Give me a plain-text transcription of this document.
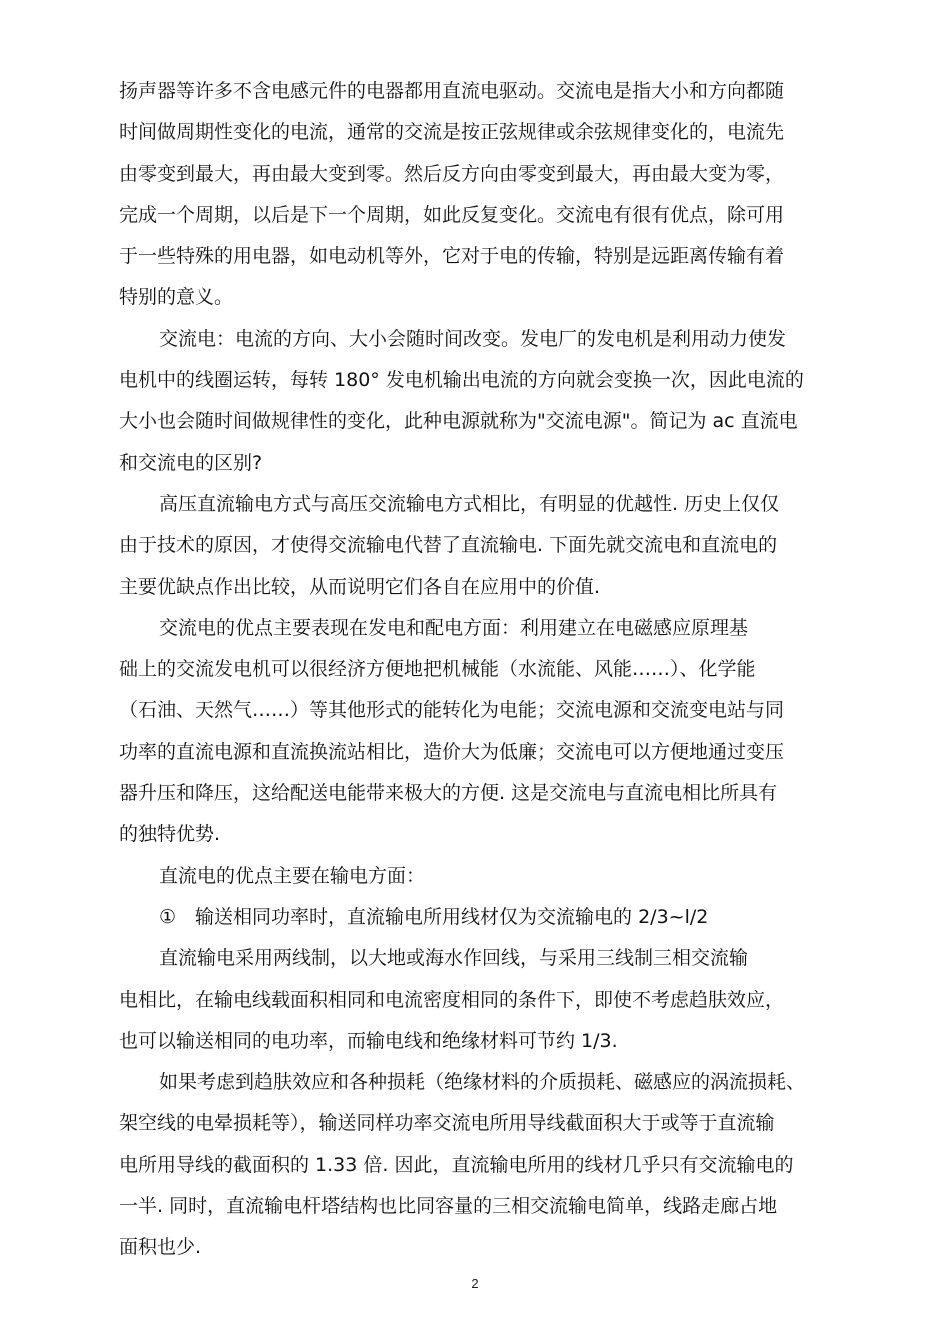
扬声器等许多不含电感元件的电器都用直流电驱动。交流电是指大小和方向都随
时间做周期性变化的电流，通常的交流是按正弦规律或余弦规律变化的，电流先
由零变到最大，再由最大变到零。然后反方向由零变到最大，再由最大变为零，
完成一个周期，以后是下一个周期，如此反复变化。交流电有很有优点，除可用
于一些特殊的用电器，如电动机等外，它对于电的传输，特别是远距离传输有着
特别的意义。
交流电：电流的方向、大小会随时间改变。发电厂的发电机是利用动力使发
电机中的线圈运转，每转 180° 发电机输出电流的方向就会变换一次，因此电流的
大小也会随时间做规律性的变化，此种电源就称为"交流电源"。简记为 ac 直流电
和交流电的区别?
高压直流输电方式与高压交流输电方式相比，有明显的优越性. 历史上仅仅
由于技术的原因，才使得交流输电代替了直流输电. 下面先就交流电和直流电的
主要优缺点作出比较，从而说明它们各自在应用中的价值.
交流电的优点主要表现在发电和配电方面：利用建立在电磁感应原理基
础上的交流发电机可以很经济方便地把机械能（水流能、风能……）、化学能
（石油、天然气……）等其他形式的能转化为电能；交流电源和交流变电站与同
功率的直流电源和直流换流站相比，造价大为低廉；交流电可以方便地通过变压
器升压和降压，这给配送电能带来极大的方便. 这是交流电与直流电相比所具有
的独特优势.
直流电的优点主要在输电方面：
①　输送相同功率时，直流输电所用线材仅为交流输电的 2/3~l/2
直流输电采用两线制，以大地或海水作回线，与采用三线制三相交流输
电相比，在输电线载面积相同和电流密度相同的条件下，即使不考虑趋肤效应，
也可以输送相同的电功率，而输电线和绝缘材料可节约 1/3.
如果考虑到趋肤效应和各种损耗（绝缘材料的介质损耗、磁感应的涡流损耗、
架空线的电晕损耗等），输送同样功率交流电所用导线截面积大于或等于直流输
电所用导线的截面积的 1.33 倍. 因此，直流输电所用的线材几乎只有交流输电的
一半. 同时，直流输电杆塔结构也比同容量的三相交流输电简单，线路走廊占地
面积也少.
2
